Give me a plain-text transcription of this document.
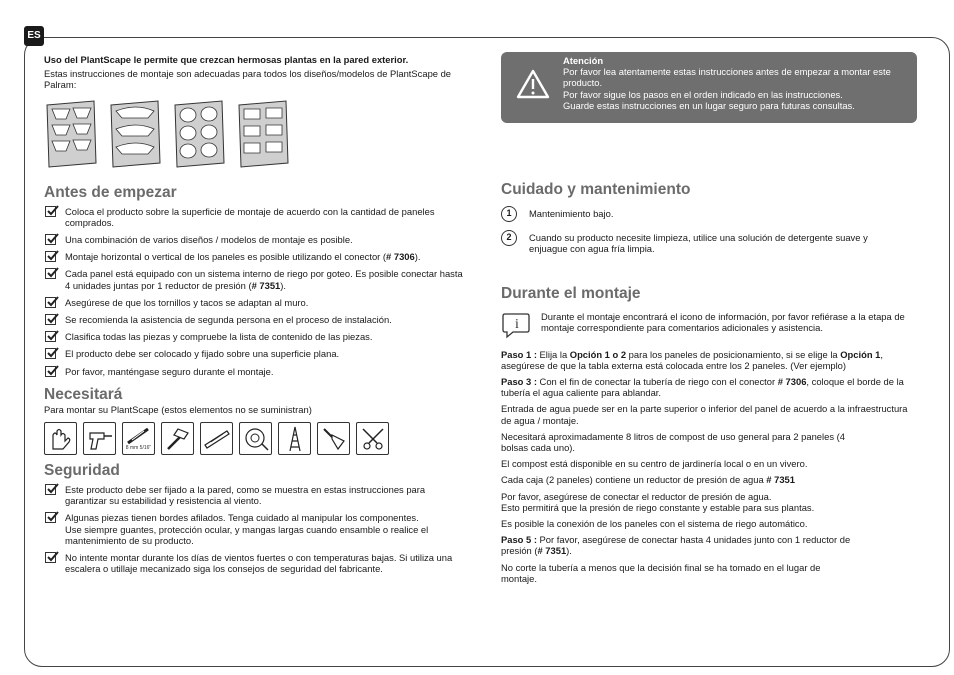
ES

Uso del PlantScape le permite que crezcan hermosas plantas en la pared exterior.

Estas instrucciones de montaje son adecuadas para todos los diseños/modelos de PlantScape de Palram:

Antes de empezar
Coloca el producto sobre la superficie de montaje de acuerdo con la cantidad de paneles comprados.
Una combinación de varios diseños / modelos de montaje es posible.
Montaje horizontal o vertical de los paneles es posible utilizando el conector (# 7306).
Cada panel está equipado con un sistema interno de riego por goteo. Es posible conectar hasta 4 unidades juntas por 1 reductor de presión (# 7351).
Asegúrese de que los tornillos y tacos se adaptan al muro.
Se recomienda la asistencia de segunda persona en el proceso de instalación.
Clasifica todas las piezas y compruebe la lista de contenido de las piezas.
El producto debe ser colocado y fijado sobre una superficie plana.
Por favor, manténgase seguro durante el montaje.
Necesitará

Para montar su PlantScape (estos elementos no se suministran)

8 mm 5/16"
Seguridad
Este producto debe ser fijado a la pared, como se muestra en estas instrucciones para garantizar su estabilidad y resistencia al viento.
Algunas piezas tienen bordes afilados. Tenga cuidado al manipular los componentes.
Use siempre guantes, protección ocular, y mangas largas cuando ensamble o realice el mantenimiento de su producto.
No intente montar durante los días de vientos fuertes o con temperaturas bajas. Si utiliza una escalera o utillaje mecanizado siga los consejos de seguridad del fabricante.

Atención

Por favor lea atentamente estas instrucciones antes de empezar a montar este producto.

Por favor sigue los pasos en el orden indicado en las instrucciones.

Guarde estas instrucciones en un lugar seguro para futuras consultas.

Cuidado y mantenimiento
1	Mantenimiento bajo.

2	Cuando su producto necesite limpieza, utilice una solución de detergente suave y enjuague con agua fría limpia.

Durante el montaje
i

Durante el montaje encontrará el icono de información, por favor refiérase a la etapa de montaje correspondiente para comentarios adicionales y asistencia.

Paso 1 : Elija la Opción 1 o 2 para los paneles de posicionamiento, si se elige la Opción 1, asegúrese de que la tabla externa está colocada entre los 2 paneles. (Ver ejemplo)

Paso 3 : Con el fin de conectar la tubería de riego con el conector # 7306, coloque el borde de la tubería el agua caliente para ablandar.

Entrada de agua puede ser en la parte superior o inferior del panel de acuerdo a la infraestructura de agua / montaje.

Necesitará aproximadamente 8 litros de compost de uso general para 2 paneles (4 bolsas cada uno).

El compost está disponible en su centro de jardinería local o en un vivero.

Cada caja (2 paneles) contiene un reductor de presión de agua # 7351

Por favor, asegúrese de conectar el reductor de presión de agua.

Esto permitirá que la presión de riego constante y estable para sus plantas.

Es posible la conexión de los paneles con el sistema de riego automático.

Paso 5 : Por favor, asegúrese de conectar hasta 4 unidades junto con 1 reductor de presión (# 7351).

No corte la tubería a menos que la decisión final se ha tomado en el lugar de montaje.
